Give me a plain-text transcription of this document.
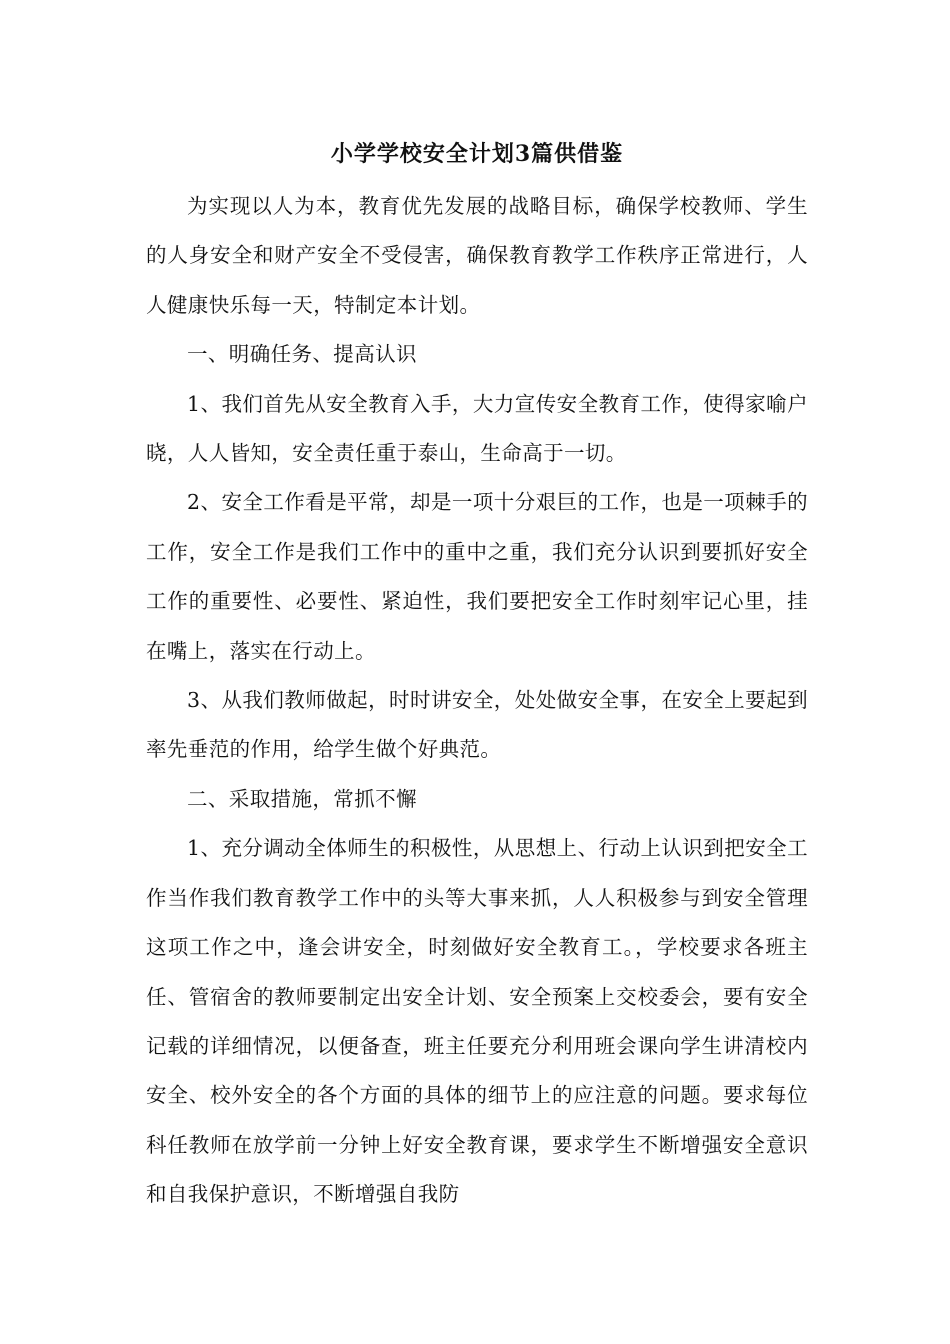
小学学校安全计划3篇供借鉴

为实现以人为本，教育优先发展的战略目标，确保学校教师、学生的人身安全和财产安全不受侵害，确保教育教学工作秩序正常进行，人人健康快乐每一天，特制定本计划。

一、明确任务、提高认识

1、我们首先从安全教育入手，大力宣传安全教育工作，使得家喻户晓，人人皆知，安全责任重于泰山，生命高于一切。

2、安全工作看是平常，却是一项十分艰巨的工作，也是一项棘手的工作，安全工作是我们工作中的重中之重，我们充分认识到要抓好安全工作的重要性、必要性、紧迫性，我们要把安全工作时刻牢记心里，挂在嘴上，落实在行动上。

3、从我们教师做起，时时讲安全，处处做安全事，在安全上要起到率先垂范的作用，给学生做个好典范。

二、采取措施，常抓不懈

1、充分调动全体师生的积极性，从思想上、行动上认识到把安全工作当作我们教育教学工作中的头等大事来抓，人人积极参与到安全管理这项工作之中，逢会讲安全，时刻做好安全教育工。，学校要求各班主任、管宿舍的教师要制定出安全计划、安全预案上交校委会，要有安全记载的详细情况，以便备查，班主任要充分利用班会课向学生讲清校内安全、校外安全的各个方面的具体的细节上的应注意的问题。要求每位科任教师在放学前一分钟上好安全教育课，要求学生不断增强安全意识和自我保护意识，不断增强自我防
